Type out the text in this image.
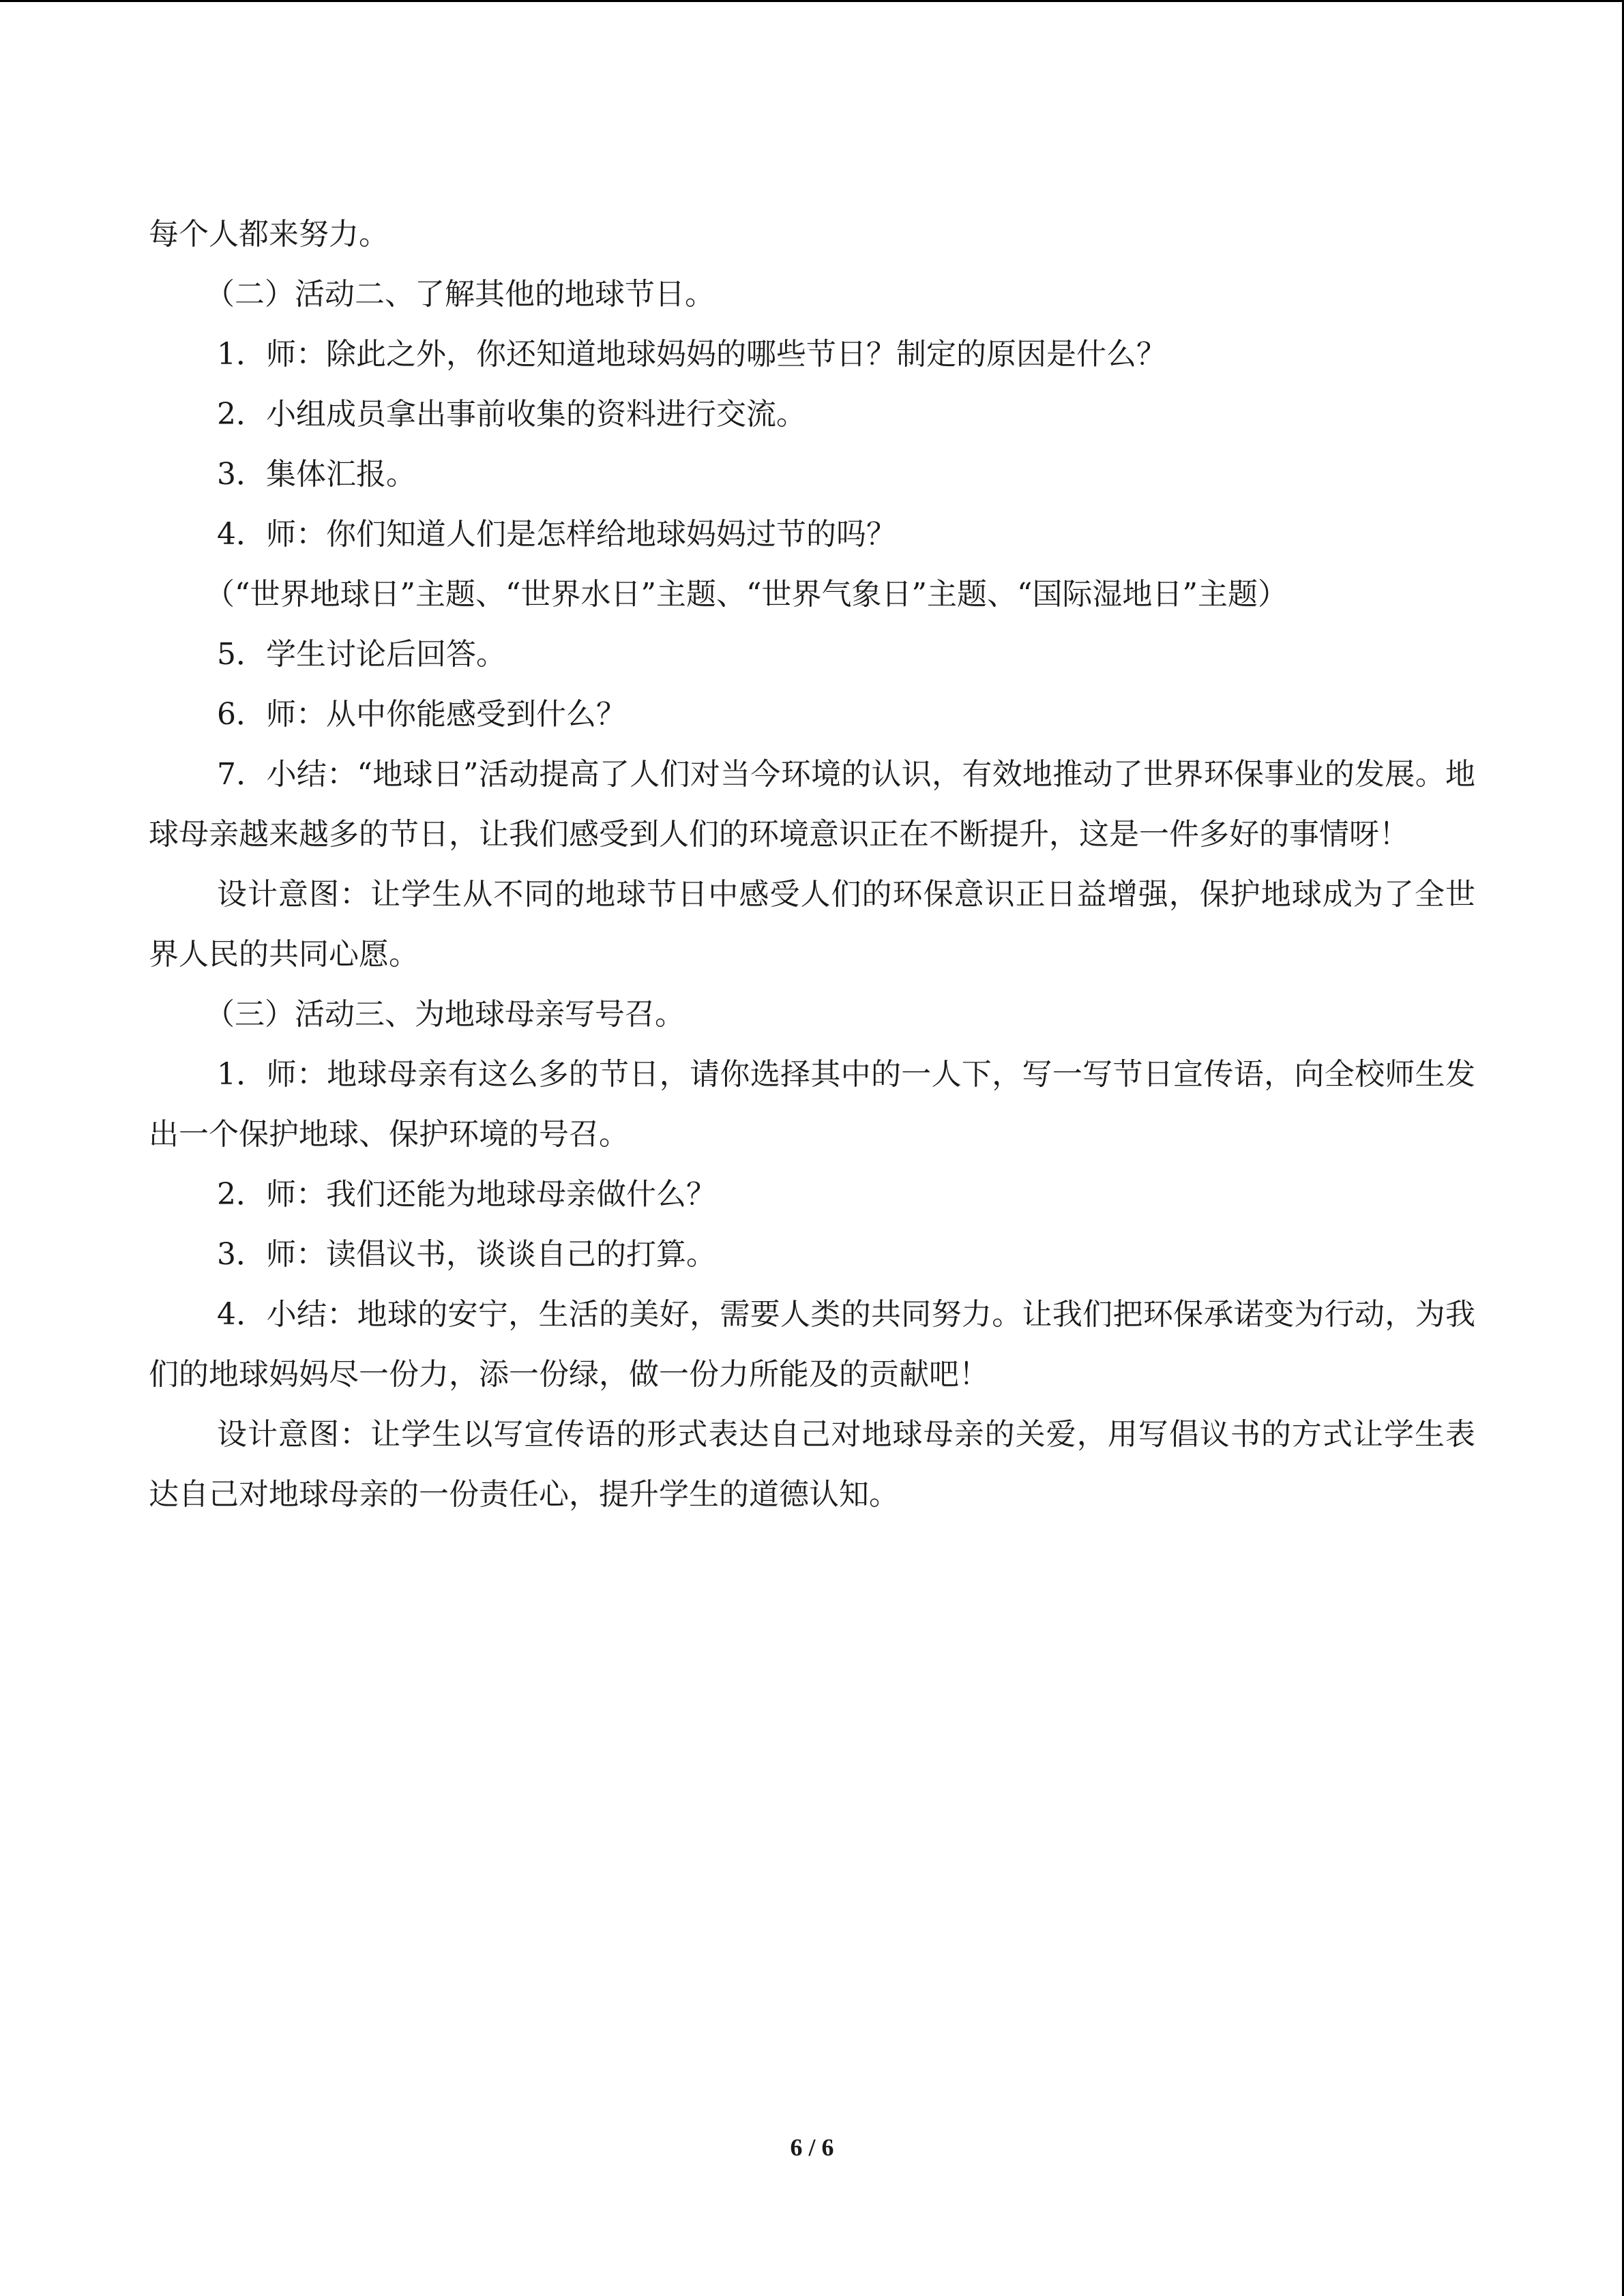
每个人都来努力。

（二）活动二、了解其他的地球节日。

1．师：除此之外，你还知道地球妈妈的哪些节日？制定的原因是什么？

2．小组成员拿出事前收集的资料进行交流。

3．集体汇报。

4．师：你们知道人们是怎样给地球妈妈过节的吗？

（“世界地球日”主题、“世界水日”主题、“世界气象日”主题、“国际湿地日”主题）

5．学生讨论后回答。

6．师：从中你能感受到什么？

7．小结：“地球日”活动提高了人们对当今环境的认识，有效地推动了世界环保事业的发展。地球母亲越来越多的节日，让我们感受到人们的环境意识正在不断提升，这是一件多好的事情呀！

设计意图：让学生从不同的地球节日中感受人们的环保意识正日益增强，保护地球成为了全世界人民的共同心愿。

（三）活动三、为地球母亲写号召。

1．师：地球母亲有这么多的节日，请你选择其中的一人下，写一写节日宣传语，向全校师生发出一个保护地球、保护环境的号召。

2．师：我们还能为地球母亲做什么？

3．师：读倡议书，谈谈自己的打算。

4．小结：地球的安宁，生活的美好，需要人类的共同努力。让我们把环保承诺变为行动，为我们的地球妈妈尽一份力，添一份绿，做一份力所能及的贡献吧！

设计意图：让学生以写宣传语的形式表达自己对地球母亲的关爱，用写倡议书的方式让学生表达自己对地球母亲的一份责任心，提升学生的道德认知。

6 / 6
